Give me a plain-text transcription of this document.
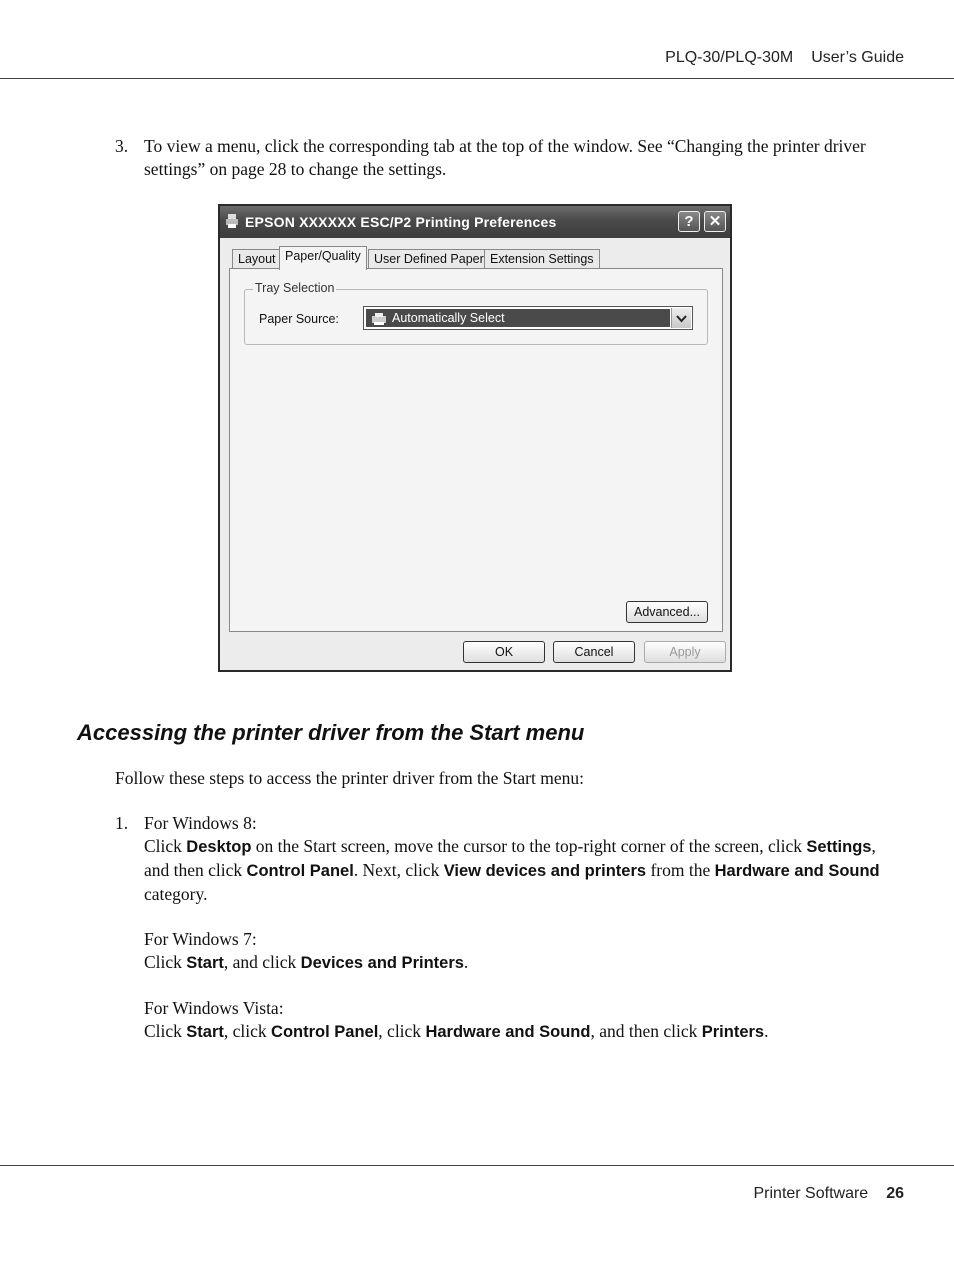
PLQ-30/PLQ-30M User’s Guide
3. To view a menu, click the corresponding tab at the top of the window. See “Changing the printer driver settings” on page 28 to change the settings.
EPSON XXXXXX ESC/P2 Printing Preferences	?	✕
Layout Paper/Quality	User Defined Paper Extension Settings
Tray Selection
Paper Source:	Automatically Select
Advanced...
OK	Cancel	Apply
Accessing the printer driver from the Start menu
Follow these steps to access the printer driver from the Start menu:
1. For Windows 8:
Click Desktop on the Start screen, move the cursor to the top-right corner of the screen, click Settings, and then click Control Panel. Next, click View devices and printers from the Hardware and Sound category.
For Windows 7:
Click Start, and click Devices and Printers.
For Windows Vista:
Click Start, click Control Panel, click Hardware and Sound, and then click Printers.
Printer Software 26
